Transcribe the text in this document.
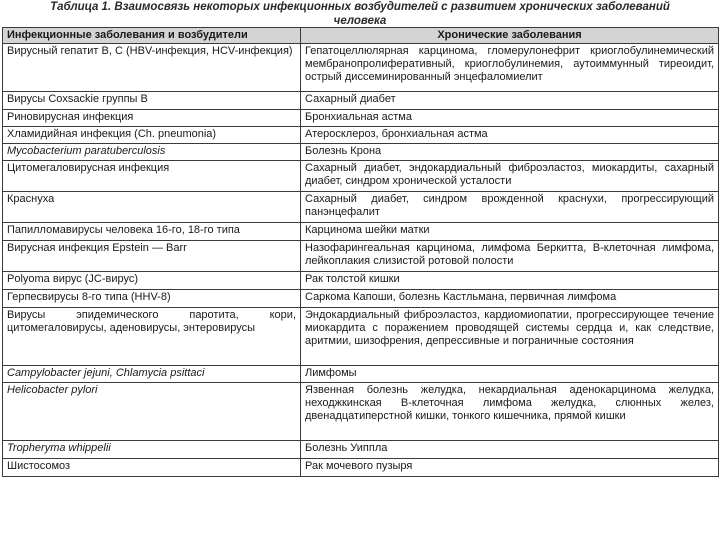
Таблица 1. Взаимосвязь некоторых инфекционных возбудителей с развитием хронических заболеваний
человека
Инфекционные заболевания и возбудители	Хронические заболевания
Вирусный гепатит В, С (HBV-инфекция, HCV-инфекция)	Гепатоцеллюлярная карцинома, гломерулонефрит криоглобулинемический мембранопролиферативный, криоглобулинемия, аутоиммунный тиреоидит, острый диссеминированный энцефаломиелит
Вирусы Coxsackie группы В	Сахарный диабет
Риновирусная инфекция	Бронхиальная астма
Хламидийная инфекция (Ch. pneumonia)	Атеросклероз, бронхиальная астма
Mycobacterium paratuberculosis	Болезнь Крона
Цитомегаловирусная инфекция	Сахарный диабет, эндокардиальный фиброэластоз, миокардиты, сахарный диабет, синдром хронической усталости
Краснуха	Сахарный диабет, синдром врожденной краснухи, прогрессирующий панэнцефалит
Папилломавирусы человека 16-го, 18-го типа	Карцинома шейки матки
Вирусная инфекция Epstein — Barr	Назофарингеальная карцинома, лимфома Беркитта, В-клеточная лимфома, лейкоплакия слизистой ротовой полости
Polyoma вирус (JC-вирус)	Рак толстой кишки
Герпесвирусы 8-го типа (HHV-8)	Саркома Капоши, болезнь Кастльмана, первичная лимфома
Вирусы эпидемического паротита, кори, цитомегаловирусы, аденовирусы, энтеровирусы	Эндокардиальный фиброэластоз, кардиомиопатии, прогрессирующее течение миокардита с поражением проводящей системы сердца и, как следствие, аритмии, шизофрения, депрессивные и пограничные состояния
Campylobacter jejuni, Chlamycia psittaci	Лимфомы
Helicobacter pylori	Язвенная болезнь желудка, некардиальная аденокарцинома желудка, неходжкинская В-клеточная лимфома желудка, слюнных желез, двенадцатиперстной кишки, тонкого кишечника, прямой кишки
Tropheryma whippelii	Болезнь Уиппла
Шистосомоз	Рак мочевого пузыря
